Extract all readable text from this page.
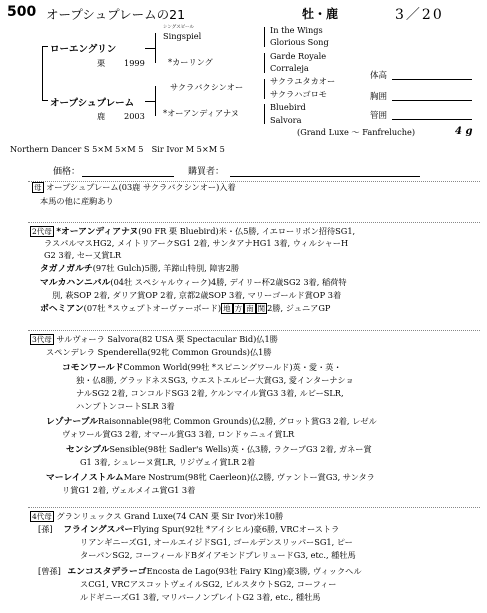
500 オープシュプレームの21	牡・鹿	3／20
ローエングリン
栗 1999
オープシュプレーム
鹿 2003
シングスピール
Singspiel
*カーリング
サクラバクシンオー
*オーアンディアナヌ
In the Wings
Glorious Song
Garde Royale
Corraleja
サクラユタカオー
サクラハゴロモ
Bluebird
Salvora
体高
胸囲
管囲
(Grand Luxe ～ Fanfreluche)	4 g
Northern Dancer S 5×M 5×M 5　Sir Ivor M 5×M 5
価格：	購買者：
母 オープシュプレーム(03鹿 サクラバクシンオー)入着
本馬の他に産駒あり
2代母 *オーアンディアナヌ(90 FR 栗 Bluebird)米・仏5勝, イエローリボン招待SG1,
ラスパルマスHG2, メイトリアークSG1 2着, サンタアナHG1 3着, ウィルシャーH
G2 3着, セー又賞LR
タガノガルチ(97牡 Gulch)5勝, 羊蹄山特別, 障害2勝
マルカハンニバル(04牡 スペシャルウィーク)4勝, デイリー杯2歳SG2 3着, 稲荷特
別, 萩SOP 2着, ダリア賞OP 2着, 京都2歳SOP 3着, マリーゴールド賞OP 3着
ボヘミアン(07牡 *スウェプトオーヴァーボード) 地 方 南 関 2勝, ジュニアGP
3代母 サルヴォーラ Salvora(82 USA 栗 Spectacular Bid)仏1勝
スペンデレラ Spenderella(92牝 Common Grounds)仏1勝
コモンワールドCommon World(99牡 *スピニングワールド)英・愛・英・
独・仏8勝, グラッドネスSG3, ウエストエルビー大賞G3, 愛インターナショ
ナルSG2 2着, コンコルドSG3 2着, ケルンマイル賞G3 3着, ルビーSLR,
ハンプトンコートSLR 3着
レゾナーブルRaisonnable(98牝 Common Grounds)仏2勝, グロット賞G3 2着, レゼル
ヴォワール賞G3 2着, オマール賞G3 3着, ロンドゥニュイ賞LR
センシブルSensible(98牡 Sadler's Wells)英・仏3勝, ラクープG3 2着, ガネー賞
G1 3着, シュレーヌ賞LR, リジヴェイ賞LR 2着
マーレイノストルムMare Nostrum(98牝 Caerleon)仏2勝, ヴァントー賞G3, サンタラ
リ賞G1 2着, ヴェルメイユ賞G1 3着
4代母 グランリュックス Grand Luxe(74 CAN 栗 Sir Ivor)米10勝
[孫] フライングスパーFlying Spur(92牡 *アイシヒル)豪6勝, VRCオーストラ
リアンギニーズG1, オールエイジドSG1, ゴールデンスリッパーSG1, ピー
ターパンSG2, コーフィールドBダイアモンドプレリュードG3, etc., 種牡馬
[曾孫] エンコスタデラーゴEncosta de Lago(93牡 Fairy King)豪3勝, ヴィックヘル
スCG1, VRCアスコットヴェイルSG2, ビルスタウトSG2, コーフィー
ルドギニーズG1 3着, マリバーノンプレイトG2 3着, etc., 種牡馬
